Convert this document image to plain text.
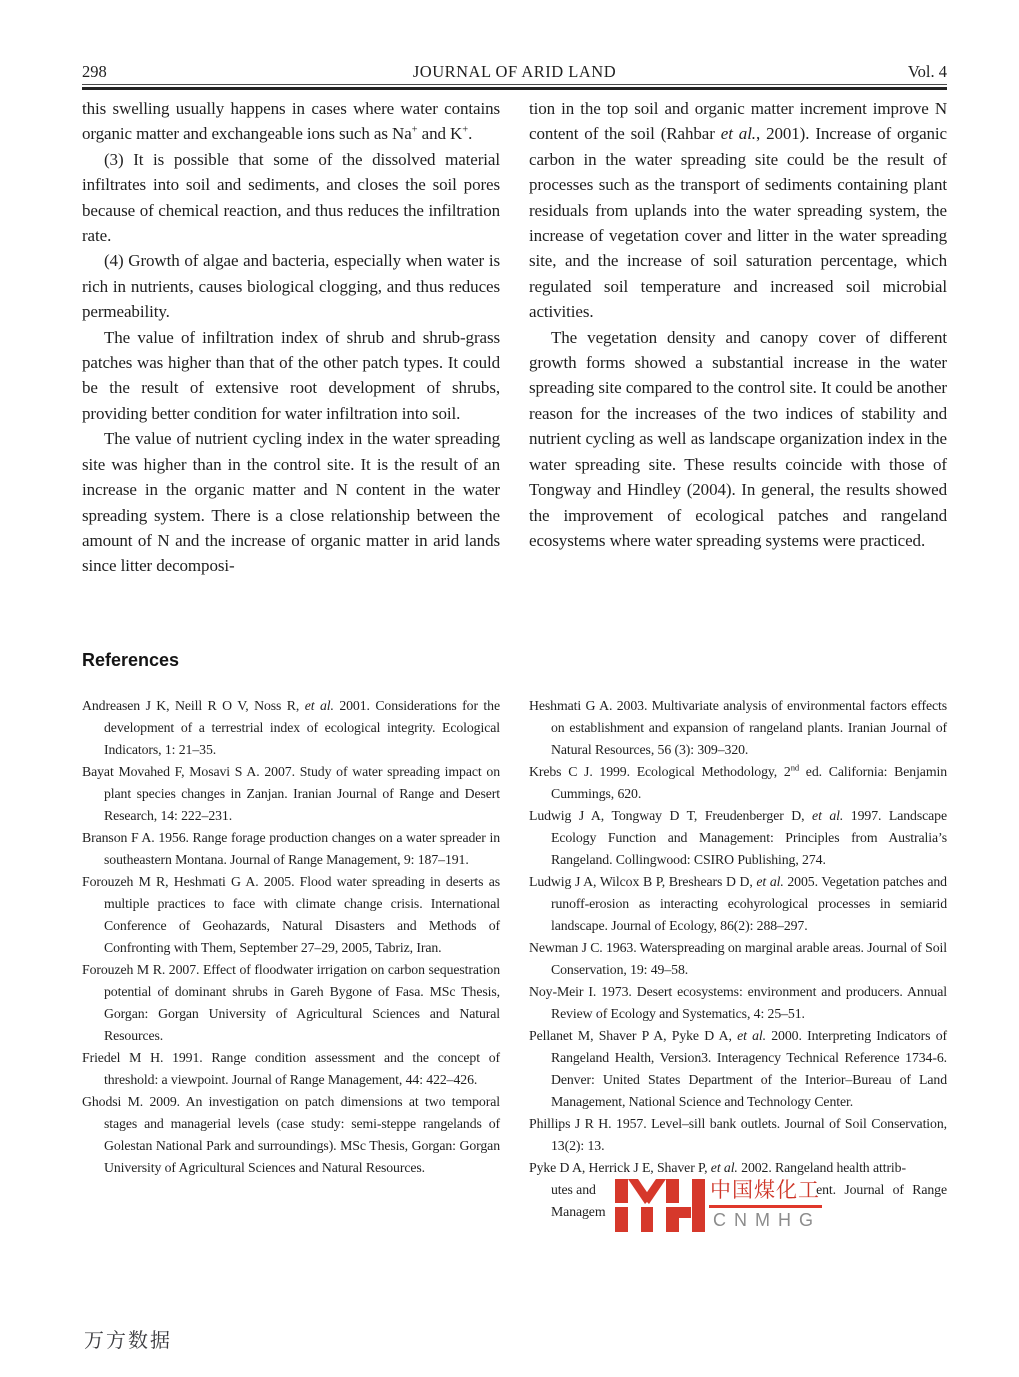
298	JOURNAL OF ARID LAND	Vol. 4

this swelling usually happens in cases where water contains organic matter and exchangeable ions such as Na+ and K+.

(3) It is possible that some of the dissolved material infiltrates into soil and sediments, and closes the soil pores because of chemical reaction, and thus reduces the infiltration rate.

(4) Growth of algae and bacteria, especially when water is rich in nutrients, causes biological clogging, and thus reduces permeability.

The value of infiltration index of shrub and shrub-grass patches was higher than that of the other patch types. It could be the result of extensive root development of shrubs, providing better condition for water infiltration into soil.

The value of nutrient cycling index in the water spreading site was higher than in the control site. It is the result of an increase in the organic matter and N content in the water spreading system. There is a close relationship between the amount of N and the increase of organic matter in arid lands since litter decomposi-

tion in the top soil and organic matter increment improve N content of the soil (Rahbar et al., 2001). Increase of organic carbon in the water spreading site could be the result of processes such as the transport of sediments containing plant residuals from uplands into the water spreading system, the increase of vegetation cover and litter in the water spreading site, and the increase of soil saturation percentage, which regulated soil temperature and increased soil microbial activities.

The vegetation density and canopy cover of different growth forms showed a substantial increase in the water spreading site compared to the control site. It could be another reason for the increases of the two indices of stability and nutrient cycling as well as landscape organization index in the water spreading site. These results coincide with those of Tongway and Hindley (2004). In general, the results showed the improvement of ecological patches and rangeland ecosystems where water spreading systems were practiced.

References

Andreasen J K, Neill R O V, Noss R, et al. 2001. Considerations for the development of a terrestrial index of ecological integrity. Ecological Indicators, 1: 21–35.

Bayat Movahed F, Mosavi S A. 2007. Study of water spreading impact on plant species changes in Zanjan. Iranian Journal of Range and Desert Research, 14: 222–231.

Branson F A. 1956. Range forage production changes on a water spreader in southeastern Montana. Journal of Range Management, 9: 187–191.

Forouzeh M R, Heshmati G A. 2005. Flood water spreading in deserts as multiple practices to face with climate change crisis. International Conference of Geohazards, Natural Disasters and Methods of Confronting with Them, September 27–29, 2005, Tabriz, Iran.

Forouzeh M R. 2007. Effect of floodwater irrigation on carbon sequestration potential of dominant shrubs in Gareh Bygone of Fasa. MSc Thesis, Gorgan: Gorgan University of Agricultural Sciences and Natural Resources.

Friedel M H. 1991. Range condition assessment and the concept of threshold: a viewpoint. Journal of Range Management, 44: 422–426.

Ghodsi M. 2009. An investigation on patch dimensions at two temporal stages and managerial levels (case study: semi-steppe rangelands of Golestan National Park and surroundings). MSc Thesis, Gorgan: Gorgan University of Agricultural Sciences and Natural Resources.

Heshmati G A. 2003. Multivariate analysis of environmental factors effects on establishment and expansion of rangeland plants. Iranian Journal of Natural Resources, 56 (3): 309–320.

Krebs C J. 1999. Ecological Methodology, 2nd ed. California: Benjamin Cummings, 620.

Ludwig J A, Tongway D T, Freudenberger D, et al. 1997. Landscape Ecology Function and Management: Principles from Australia’s Rangeland. Collingwood: CSIRO Publishing, 274.

Ludwig J A, Wilcox B P, Breshears D D, et al. 2005. Vegetation patches and runoff-erosion as interacting ecohyrological processes in semiarid landscape. Journal of Ecology, 86(2): 288–297.

Newman J C. 1963. Waterspreading on marginal arable areas. Journal of Soil Conservation, 19: 49–58.

Noy-Meir I. 1973. Desert ecosystems: environment and producers. Annual Review of Ecology and Systematics, 4: 25–51.

Pellanet M, Shaver P A, Pyke D A, et al. 2000. Interpreting Indicators of Rangeland Health, Version3. Interagency Technical Reference 1734-6. Denver: United States Department of the Interior–Bureau of Land Management, National Science and Technology Center.

Phillips J R H. 1957. Level–sill bank outlets. Journal of Soil Conservation, 13(2): 13.

Pyke D A, Herrick J E, Shaver P, et al. 2002. Rangeland health attrib-
utes and	ent. Journal of Range
Managem
中国煤化工
CNMHG
万方数据
